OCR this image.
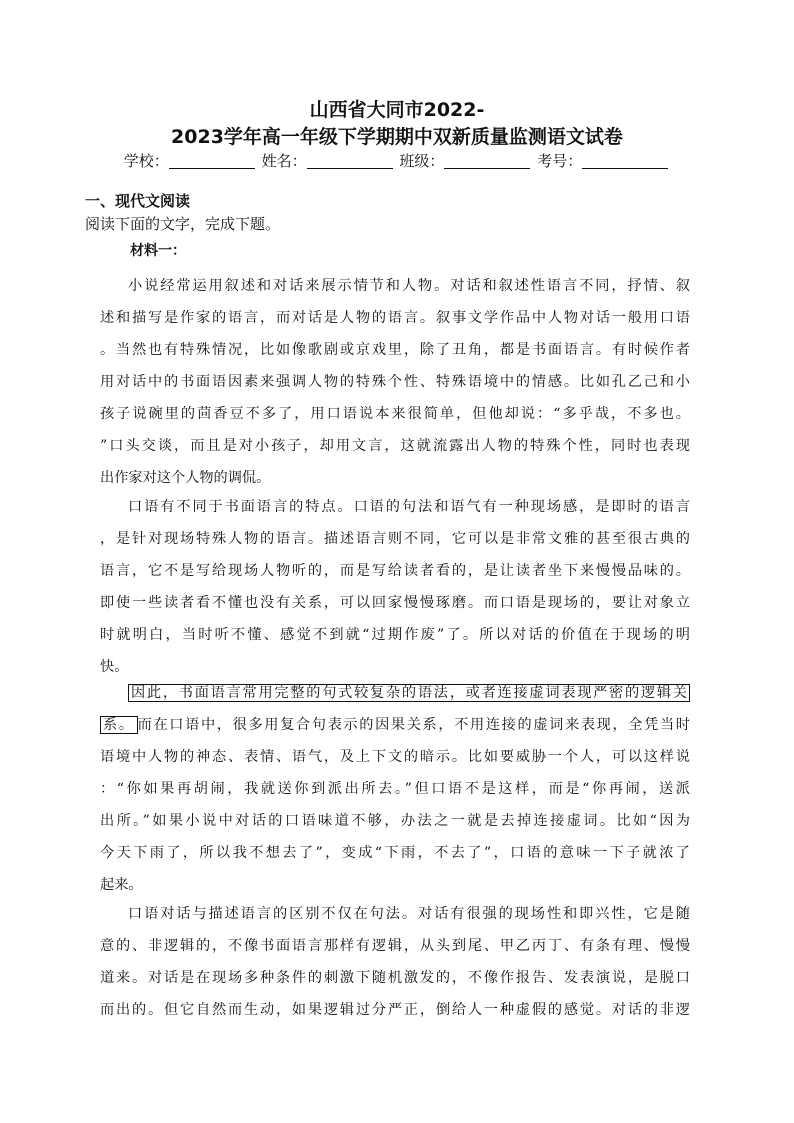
山西省大同市2022-
2023学年高一年级下学期期中双新质量监测语文试卷
学校：	姓名：	班级：	考号：
一、现代文阅读
阅读下面的文字，完成下题。
材料一：
小说经常运用叙述和对话来展示情节和人物。对话和叙述性语言不同，抒情、叙
述和描写是作家的语言，而对话是人物的语言。叙事文学作品中人物对话一般用口语
。当然也有特殊情况，比如像歌剧或京戏里，除了丑角，都是书面语言。有时候作者
用对话中的书面语因素来强调人物的特殊个性、特殊语境中的情感。比如孔乙己和小
孩子说碗里的茴香豆不多了，用口语说本来很简单，但他却说：“多乎哉，不多也。
”口头交谈，而且是对小孩子，却用文言，这就流露出人物的特殊个性，同时也表现
出作家对这个人物的调侃。
口语有不同于书面语言的特点。口语的句法和语气有一种现场感，是即时的语言
，是针对现场特殊人物的语言。描述语言则不同，它可以是非常文雅的甚至很古典的
语言，它不是写给现场人物听的，而是写给读者看的，是让读者坐下来慢慢品味的。
即使一些读者看不懂也没有关系，可以回家慢慢琢磨。而口语是现场的，要让对象立
时就明白，当时听不懂、感觉不到就“过期作废”了。所以对话的价值在于现场的明
快。
因此，书面语言常用完整的句式较复杂的语法，或者连接虚词表现严密的逻辑关
系。 而在口语中，很多用复合句表示的因果关系，不用连接的虚词来表现，全凭当时
语境中人物的神态、表情、语气，及上下文的暗示。比如要威胁一个人，可以这样说
：“你如果再胡闹，我就送你到派出所去。”但口语不是这样，而是“你再闹，送派
出所。”如果小说中对话的口语味道不够，办法之一就是去掉连接虚词。比如“因为
今天下雨了，所以我不想去了”，变成“下雨，不去了”，口语的意味一下子就浓了
起来。
口语对话与描述语言的区别不仅在句法。对话有很强的现场性和即兴性，它是随
意的、非逻辑的，不像书面语言那样有逻辑，从头到尾、甲乙丙丁、有条有理、慢慢
道来。对话是在现场多种条件的刺激下随机激发的，不像作报告、发表演说，是脱口
而出的。但它自然而生动，如果逻辑过分严正，倒给人一种虚假的感觉。对话的非逻
